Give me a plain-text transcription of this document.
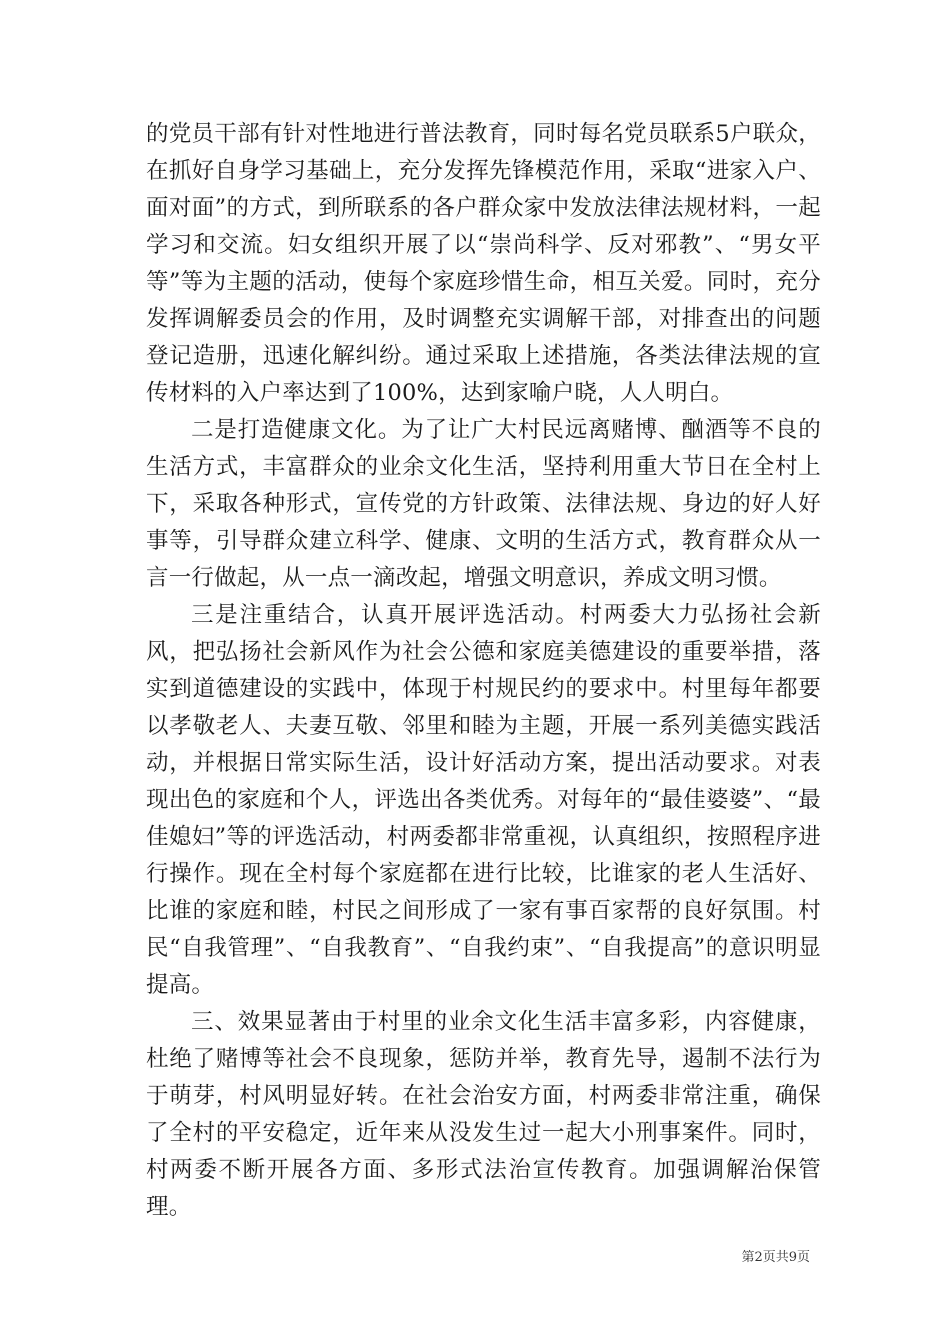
的党员干部有针对性地进行普法教育，同时每名党员联系5户联众，在抓好自身学习基础上，充分发挥先锋模范作用，采取“进家入户、面对面”的方式，到所联系的各户群众家中发放法律法规材料，一起学习和交流。妇女组织开展了以“崇尚科学、反对邪教”、“男女平等”等为主题的活动，使每个家庭珍惜生命，相互关爱。同时，充分发挥调解委员会的作用，及时调整充实调解干部，对排查出的问题登记造册，迅速化解纠纷。通过采取上述措施，各类法律法规的宣传材料的入户率达到了100%，达到家喻户晓，人人明白。

二是打造健康文化。为了让广大村民远离赌博、酗酒等不良的生活方式，丰富群众的业余文化生活，坚持利用重大节日在全村上下，采取各种形式，宣传党的方针政策、法律法规、身边的好人好事等，引导群众建立科学、健康、文明的生活方式，教育群众从一言一行做起，从一点一滴改起，增强文明意识，养成文明习惯。

三是注重结合，认真开展评选活动。村两委大力弘扬社会新风，把弘扬社会新风作为社会公德和家庭美德建设的重要举措，落实到道德建设的实践中，体现于村规民约的要求中。村里每年都要以孝敬老人、夫妻互敬、邻里和睦为主题，开展一系列美德实践活动，并根据日常实际生活，设计好活动方案，提出活动要求。对表现出色的家庭和个人，评选出各类优秀。对每年的“最佳婆婆”、“最佳媳妇”等的评选活动，村两委都非常重视，认真组织，按照程序进行操作。现在全村每个家庭都在进行比较，比谁家的老人生活好、比谁的家庭和睦，村民之间形成了一家有事百家帮的良好氛围。村民“自我管理”、“自我教育”、“自我约束”、“自我提高”的意识明显提高。

三、效果显著由于村里的业余文化生活丰富多彩，内容健康，杜绝了赌博等社会不良现象，惩防并举，教育先导，遏制不法行为于萌芽，村风明显好转。在社会治安方面，村两委非常注重，确保了全村的平安稳定，近年来从没发生过一起大小刑事案件。同时，村两委不断开展各方面、多形式法治宣传教育。加强调解治保管理。

第2页共9页
